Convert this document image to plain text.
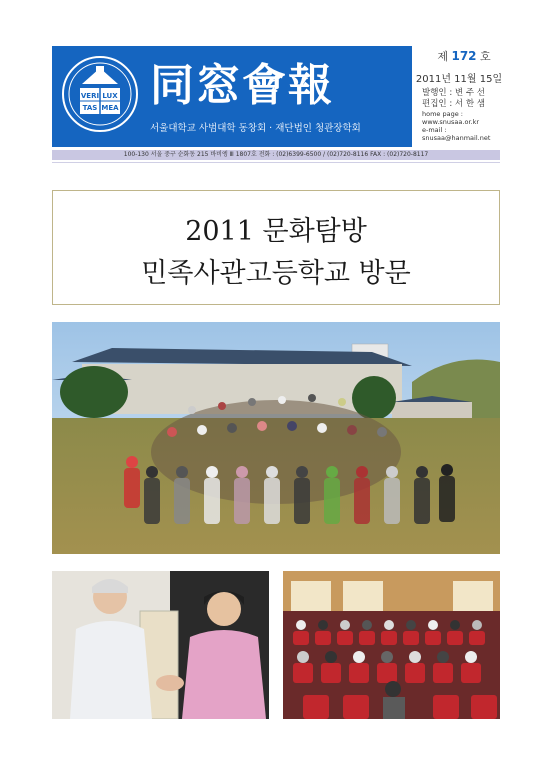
VERI LUX
TAS MEA 同窓會報
서울대학교 사범대학 동창회 · 재단법인 청관장학회
제 172 호
2011년 11월 15일
발행인 : 변 주 선
편집인 : 서 한 샘
home page :
www.snusaa.or.kr
e-mail :
snusaa@hanmail.net
100-130 서울 중구 순화동 215 바비엥 Ⅲ 1807호 전화 : (02)6399-6500 / (02)720-8116 FAX : (02)720-8117
2011 문화탐방
민족사관고등학교 방문
